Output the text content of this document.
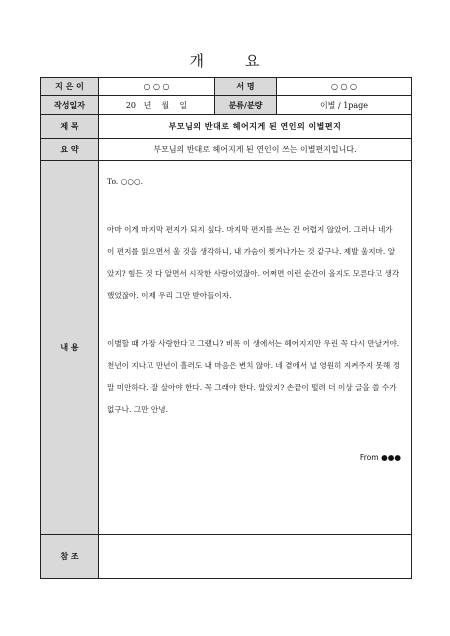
개	요
지 은 이	○ ○ ○	서 명	○ ○ ○
작성일자	20   년    월    일	분류/분량	이별 / 1page
제 목	부모님의 반대로 헤어지게 된 연인의 이별편지		
요 약	부모님의 반대로 헤어지게 된 연인이 쓰는 이별편지입니다.		
내 용	To. ○○○.

아마 이게 마지막 편지가 되지 싶다. 마지막 편지를 쓰는 건 어렵지 않았어. 그러나 네가 이 편지를 읽으면서 울 것을 생각하니, 내 가슴이 찢겨나가는 것 같구나. 제발 울지마. 알았지? 힘든 것 다 알면서 시작한 사랑이었잖아. 어쩌면 이런 순간이 올지도 모른다고 생각했었잖아. 이제 우리 그만 받아들이자.

이별할 때 가장 사랑한다고 그랬니? 비록 이 생에서는 헤어지지만 우린 꼭 다시 만날거야. 천년이 지나고 만년이 흘러도 내 마음은 변치 않아. 네 곁에서 널 영원히 지켜주지 못해 정말 미안하다. 잘 살아야 한다. 꼭 그래야 한다. 알았지? 손끝이 떨려 더 이상 글을 쓸 수가 없구나. 그만 안녕.

From ●●●		

참 조			
